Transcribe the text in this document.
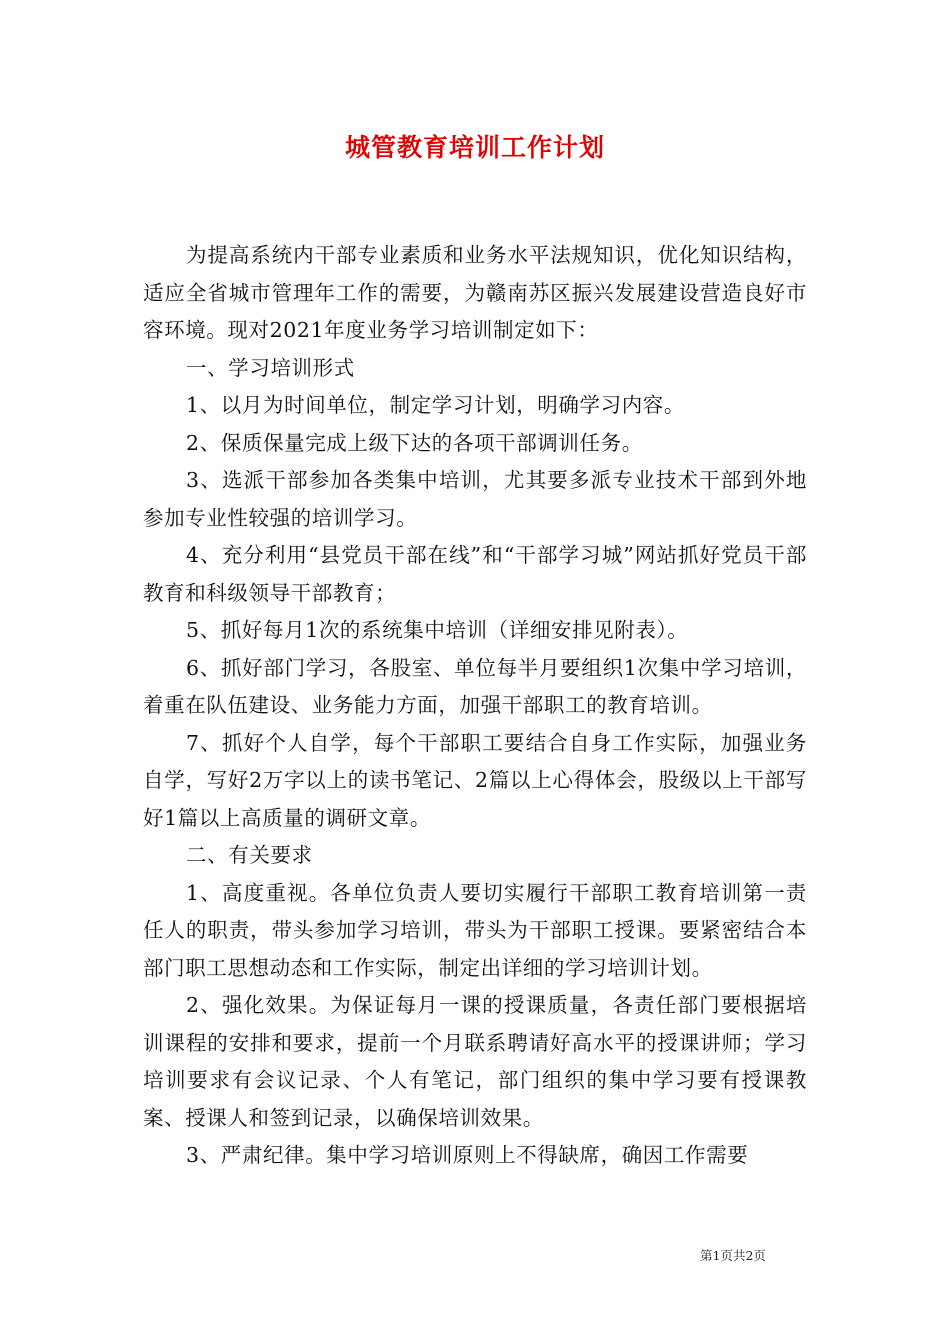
城管教育培训工作计划

为提高系统内干部专业素质和业务水平法规知识，优化知识结构，适应全省城市管理年工作的需要，为赣南苏区振兴发展建设营造良好市容环境。现对2021年度业务学习培训制定如下：

一、学习培训形式

1、以月为时间单位，制定学习计划，明确学习内容。

2、保质保量完成上级下达的各项干部调训任务。

3、选派干部参加各类集中培训，尤其要多派专业技术干部到外地参加专业性较强的培训学习。

4、充分利用“县党员干部在线”和“干部学习城”网站抓好党员干部教育和科级领导干部教育；

5、抓好每月1次的系统集中培训（详细安排见附表）。

6、抓好部门学习，各股室、单位每半月要组织1次集中学习培训，着重在队伍建设、业务能力方面，加强干部职工的教育培训。

7、抓好个人自学，每个干部职工要结合自身工作实际，加强业务自学，写好2万字以上的读书笔记、2篇以上心得体会，股级以上干部写好1篇以上高质量的调研文章。

二、有关要求

1、高度重视。各单位负责人要切实履行干部职工教育培训第一责任人的职责，带头参加学习培训，带头为干部职工授课。要紧密结合本部门职工思想动态和工作实际，制定出详细的学习培训计划。

2、强化效果。为保证每月一课的授课质量，各责任部门要根据培训课程的安排和要求，提前一个月联系聘请好高水平的授课讲师；学习培训要求有会议记录、个人有笔记，部门组织的集中学习要有授课教案、授课人和签到记录，以确保培训效果。

3、严肃纪律。集中学习培训原则上不得缺席，确因工作需要

第1页共2页
